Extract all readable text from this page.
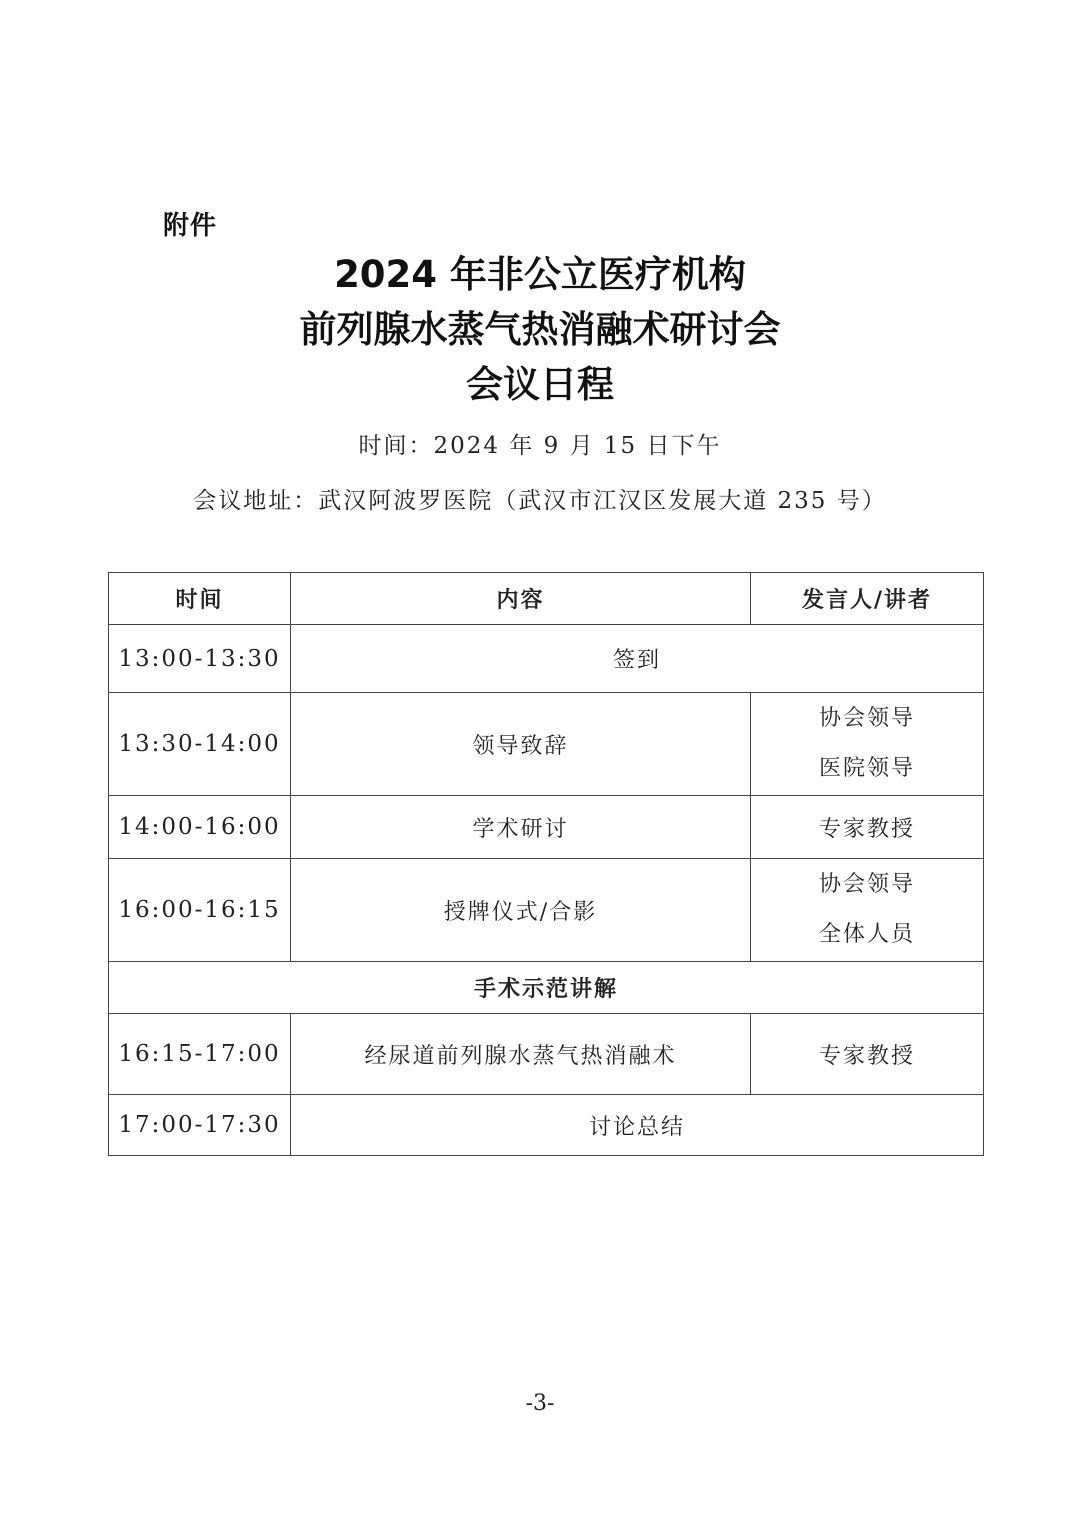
附件
2024 年非公立医疗机构
前列腺水蒸气热消融术研讨会
会议日程
时间：2024 年 9 月 15 日下午
会议地址：武汉阿波罗医院（武汉市江汉区发展大道 235 号）
时间	内容	发言人/讲者
13:00-13:30	签到	
13:30-14:00	领导致辞	协会领导
医院领导

14:00-16:00	学术研讨	专家教授
16:00-16:15	授牌仪式/合影	协会领导
全体人员

手术示范讲解		
16:15-17:00	经尿道前列腺水蒸气热消融术	专家教授
17:00-17:30	讨论总结	
-3-
